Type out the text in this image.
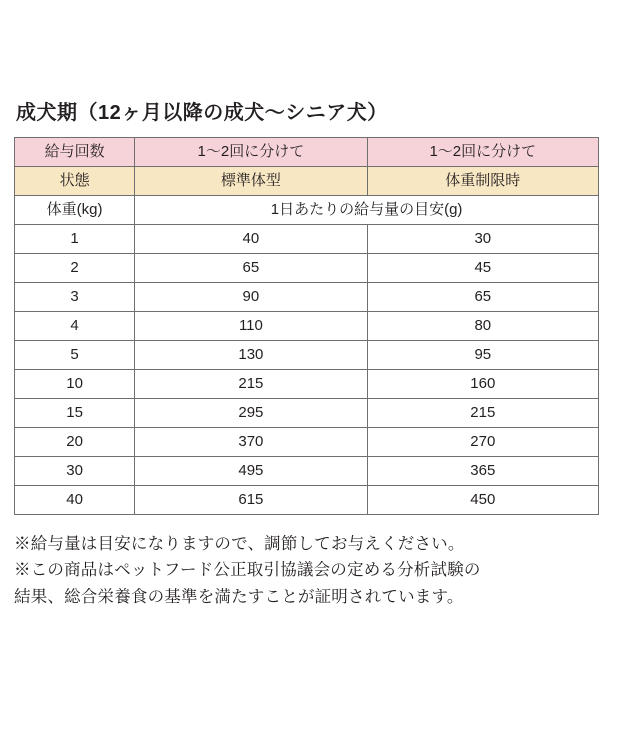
成犬期（12ヶ月以降の成犬〜シニア犬）
給与回数	1〜2回に分けて	1〜2回に分けて
状態	標準体型	体重制限時
体重(kg)	1日あたりの給与量の目安(g)	
1	40	30
2	65	45
3	90	65
4	110	80
5	130	95
10	215	160
15	295	215
20	370	270
30	495	365
40	615	450

※給与量は目安になりますので、調節してお与えください。

※この商品はペットフード公正取引協議会の定める分析試験の

結果、総合栄養食の基準を満たすことが証明されています。
